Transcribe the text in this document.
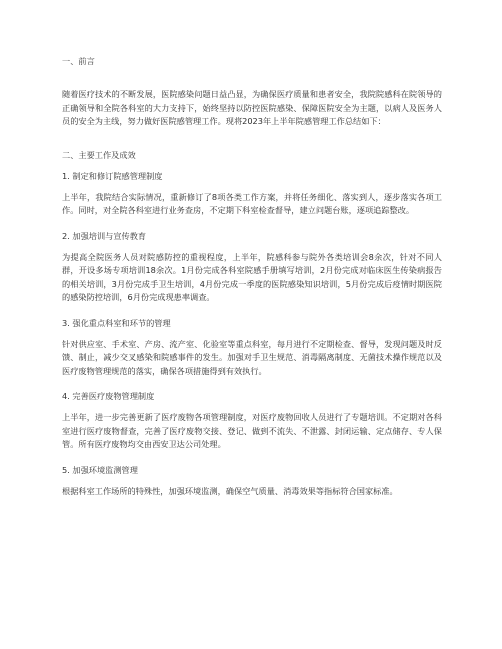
一、前言

随着医疗技术的不断发展，医院感染问题日益凸显，为确保医疗质量和患者安全，我院院感科在院领导的正确领导和全院各科室的大力支持下，始终坚持以防控医院感染、保障医院安全为主题，以病人及医务人员的安全为主线，努力做好医院感管理工作。现将2023年上半年院感管理工作总结如下：

二、主要工作及成效

1. 制定和修订院感管理制度

上半年，我院结合实际情况，重新修订了8项各类工作方案，并将任务细化、落实到人，逐步落实各项工作。同时，对全院各科室进行业务查房，不定期下科室检查督导，建立问题台账，逐项追踪整改。

2. 加强培训与宣传教育

为提高全院医务人员对院感防控的重视程度，上半年，院感科参与院外各类培训会8余次，针对不同人群，开设多场专项培训18余次。1月份完成各科室院感手册填写培训，2月份完成对临床医生传染病报告的相关培训，3月份完成手卫生培训，4月份完成一季度的医院感染知识培训，5月份完成后疫情时期医院的感染防控培训，6月份完成现患率调查。

3. 强化重点科室和环节的管理

针对供应室、手术室、产房、流产室、化验室等重点科室，每月进行不定期检查、督导，发现问题及时反馈、制止，减少交叉感染和院感事件的发生。加强对手卫生规范、消毒隔离制度、无菌技术操作规范以及医疗废物管理规范的落实，确保各项措施得到有效执行。

4. 完善医疗废物管理制度

上半年，进一步完善更新了医疗废物各项管理制度，对医疗废物回收人员进行了专题培训。不定期对各科室进行医疗废物督查，完善了医疗废物交接、登记、做到不流失、不泄露、封闭运输、定点储存、专人保管。所有医疗废物均交由西安卫达公司处理。

5. 加强环境监测管理

根据科室工作场所的特殊性，加强环境监测，确保空气质量、消毒效果等指标符合国家标准。
